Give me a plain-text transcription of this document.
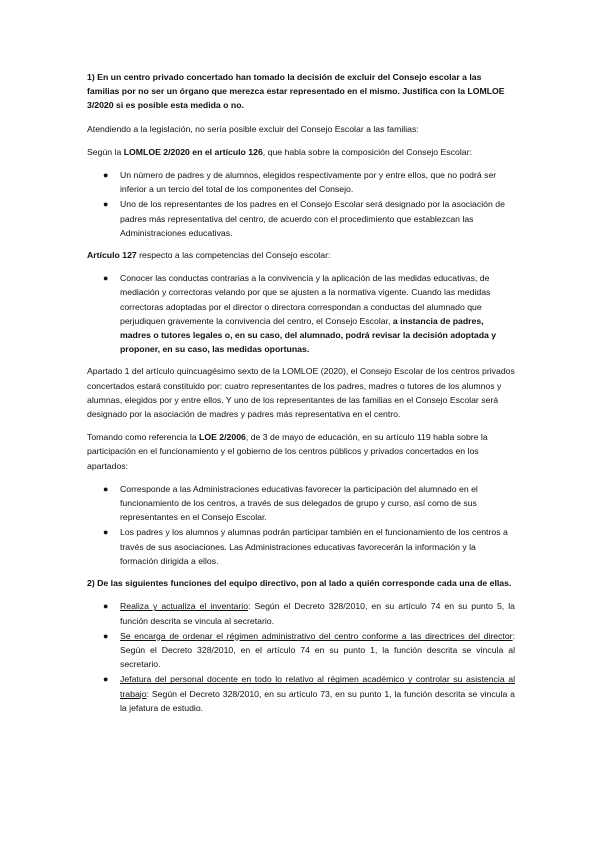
1) En un centro privado concertado han tomado la decisión de excluir del Consejo escolar a las familias por no ser un órgano que merezca estar representado en el mismo. Justifica con la LOMLOE 3/2020 si es posible esta medida o no.

Atendiendo a la legislación, no sería posible excluir del Consejo Escolar a las familias:

Según la LOMLOE 2/2020 en el artículo 126, que habla sobre la composición del Consejo Escolar:

● Un número de padres y de alumnos, elegidos respectivamente por y entre ellos, que no podrá ser inferior a un tercio del total de los componentes del Consejo.
● Uno de los representantes de los padres en el Consejo Escolar será designado por la asociación de padres más representativa del centro, de acuerdo con el procedimiento que establezcan las Administraciones educativas.

Artículo 127 respecto a las competencias del Consejo escolar:

● Conocer las conductas contrarias a la convivencia y la aplicación de las medidas educativas, de mediación y correctoras velando por que se ajusten a la normativa vigente. Cuando las medidas correctoras adoptadas por el director o directora correspondan a conductas del alumnado que perjudiquen gravemente la convivencia del centro, el Consejo Escolar, a instancia de padres, madres o tutores legales o, en su caso, del alumnado, podrá revisar la decisión adoptada y proponer, en su caso, las medidas oportunas.

Apartado 1 del artículo quincuagésimo sexto de la LOMLOE (2020), el Consejo Escolar de los centros privados concertados estará constituido por: cuatro representantes de los padres, madres o tutores de los alumnos y alumnas, elegidos por y entre ellos. Y uno de los representantes de las familias en el Consejo Escolar será designado por la asociación de madres y padres más representativa en el centro.

Tomando como referencia la LOE 2/2006, de 3 de mayo de educación, en su artículo 119 habla sobre la participación en el funcionamiento y el gobierno de los centros públicos y privados concertados en los apartados:

● Corresponde a las Administraciones educativas favorecer la participación del alumnado en el funcionamiento de los centros, a través de sus delegados de grupo y curso, así como de sus representantes en el Consejo Escolar.
● Los padres y los alumnos y alumnas podrán participar también en el funcionamiento de los centros a través de sus asociaciones. Las Administraciones educativas favorecerán la información y la formación dirigida a ellos.

2) De las siguientes funciones del equipo directivo, pon al lado a quién corresponde cada una de ellas.

● Realiza y actualiza el inventario: Según el Decreto 328/2010, en su artículo 74 en su punto 5, la función descrita se vincula al secretario.
● Se encarga de ordenar el régimen administrativo del centro conforme a las directrices del director: Según el Decreto 328/2010, en el artículo 74 en su punto 1, la función descrita se vincula al secretario.
● Jefatura del personal docente en todo lo relativo al régimen académico y controlar su asistencia al trabajo: Según el Decreto 328/2010, en su artículo 73, en su punto 1, la función descrita se vincula a la jefatura de estudio.
